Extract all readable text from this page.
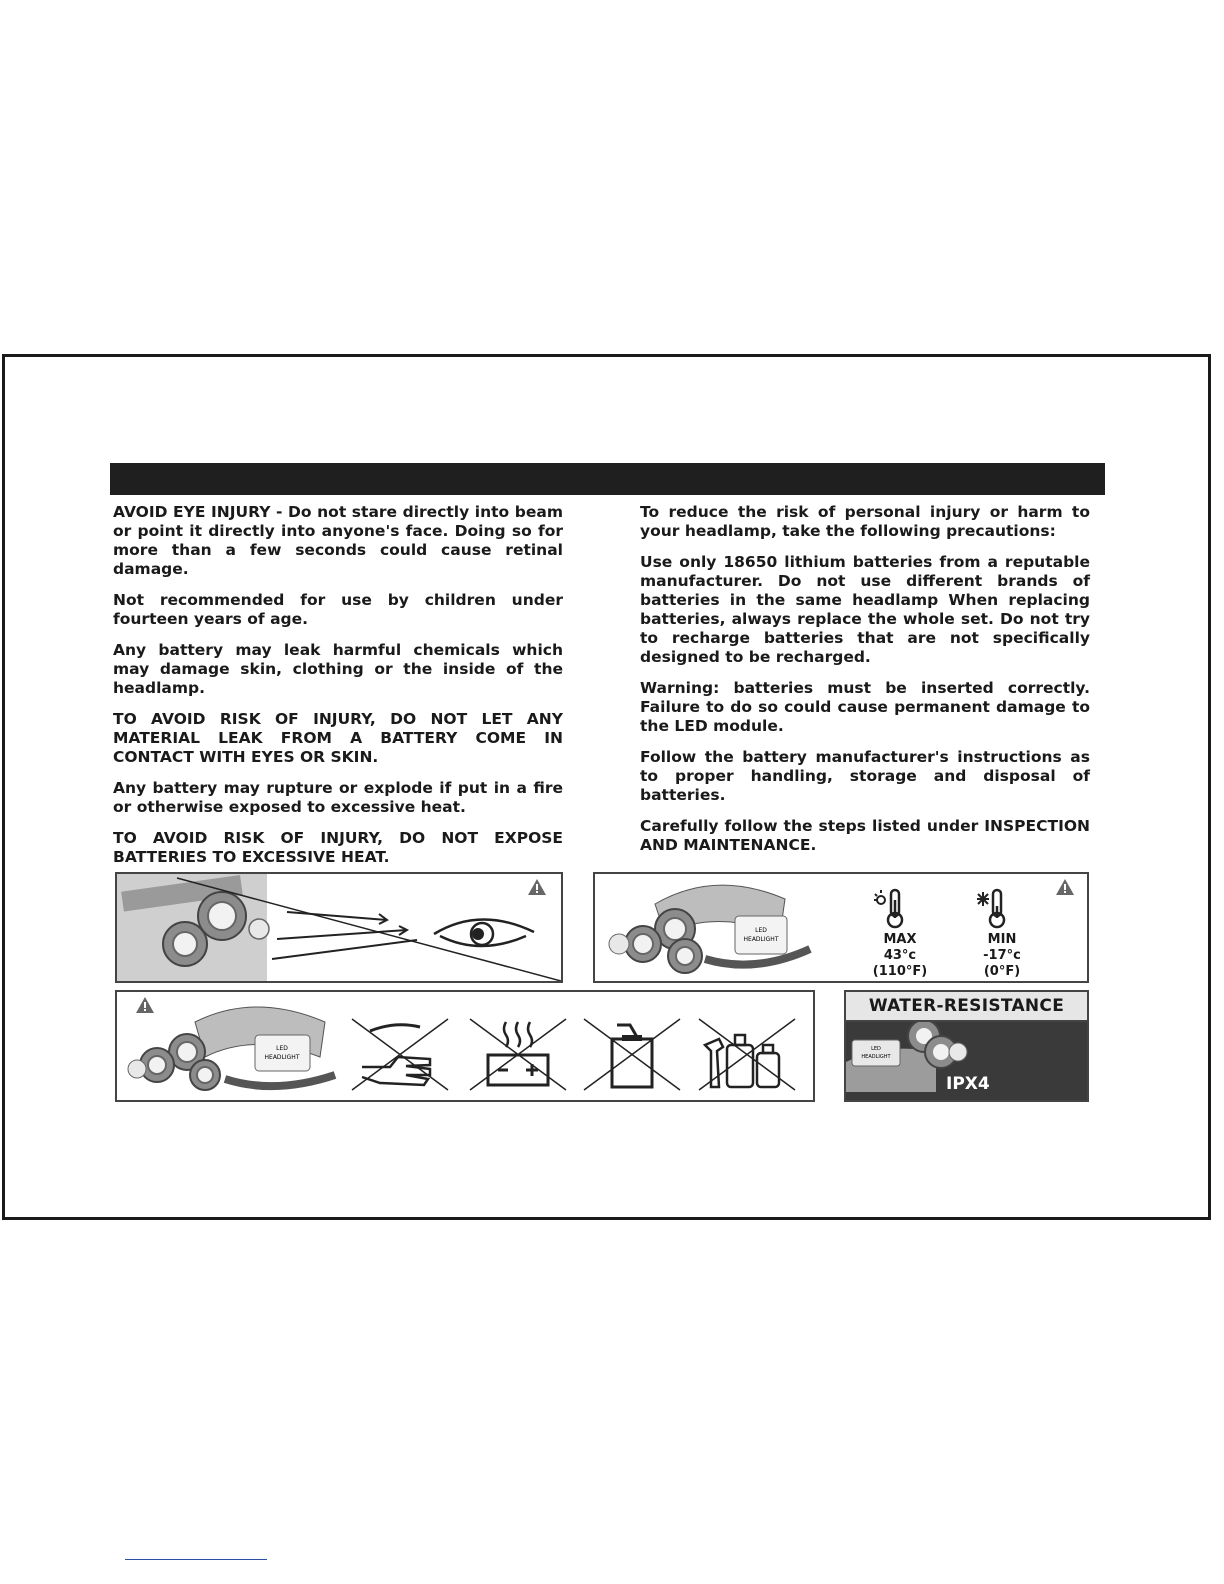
AVOID EYE INJURY - Do not stare directly into beam or point it directly into anyone's face. Doing so for more than a few seconds could cause retinal damage.

Not recommended for use by children under fourteen years of age.

Any battery may leak harmful chemicals which may damage skin, clothing or the inside of the headlamp.

TO AVOID RISK OF INJURY, DO NOT LET ANY MATERIAL LEAK FROM A BATTERY COME IN CONTACT WITH EYES OR SKIN.

Any battery may rupture or explode if put in a fire or otherwise exposed to excessive heat.

TO AVOID RISK OF INJURY, DO NOT EXPOSE BATTERIES TO EXCESSIVE HEAT.

To reduce the risk of personal injury or harm to your headlamp, take the following precautions:

Use only 18650 lithium batteries from a reputable manufacturer. Do not use different brands of batteries in the same headlamp When replacing batteries, always replace the whole set. Do not try to recharge batteries that are not specifically designed to be recharged.

Warning: batteries must be inserted correctly. Failure to do so could cause permanent damage to the LED module.

Follow the battery manufacturer's instructions as to proper handling, storage and disposal of batteries.

Carefully follow the steps listed under INSPECTION AND MAINTENANCE.

LED
HEADLIGHT	MAX
43°c
(110°F)
MIN
-17°c
(0°F)
LED
HEADLIGHT
WATER-RESISTANCE
LED
HEADLIGHT
IPX4
